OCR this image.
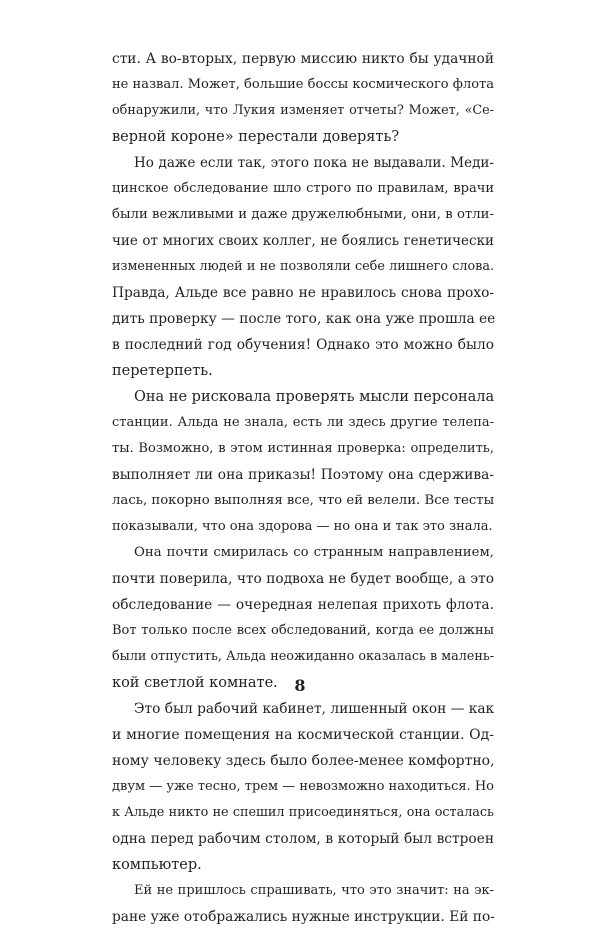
сти. А во-вторых, первую миссию никто бы удачной
не назвал. Может, большие боссы космического флота
обнаружили, что Лукия изменяет отчеты? Может, «Се-
верной короне» перестали доверять?
Но даже если так, этого пока не выдавали. Меди-
цинское обследование шло строго по правилам, врачи
были вежливыми и даже дружелюбными, они, в отли-
чие от многих своих коллег, не боялись генетически
измененных людей и не позволяли себе лишнего слова.
Правда, Альде все равно не нравилось снова прохо-
дить проверку — после того, как она уже прошла ее
в последний год обучения! Однако это можно было
перетерпеть.
Она не рисковала проверять мысли персонала
станции. Альда не знала, есть ли здесь другие телепа-
ты. Возможно, в этом истинная проверка: определить,
выполняет ли она приказы! Поэтому она сдержива-
лась, покорно выполняя все, что ей велели. Все тесты
показывали, что она здорова — но она и так это знала.
Она почти смирилась со странным направлением,
почти поверила, что подвоха не будет вообще, а это
обследование — очередная нелепая прихоть флота.
Вот только после всех обследований, когда ее должны
были отпустить, Альда неожиданно оказалась в малень-
кой светлой комнате.
Это был рабочий кабинет, лишенный окон — как
и многие помещения на космической станции. Од-
ному человеку здесь было более-менее комфортно,
двум — уже тесно, трем — невозможно находиться. Но
к Альде никто не спешил присоединяться, она осталась
одна перед рабочим столом, в который был встроен
компьютер.
Ей не пришлось спрашивать, что это значит: на эк-
ране уже отображались нужные инструкции. Ей по-
8
